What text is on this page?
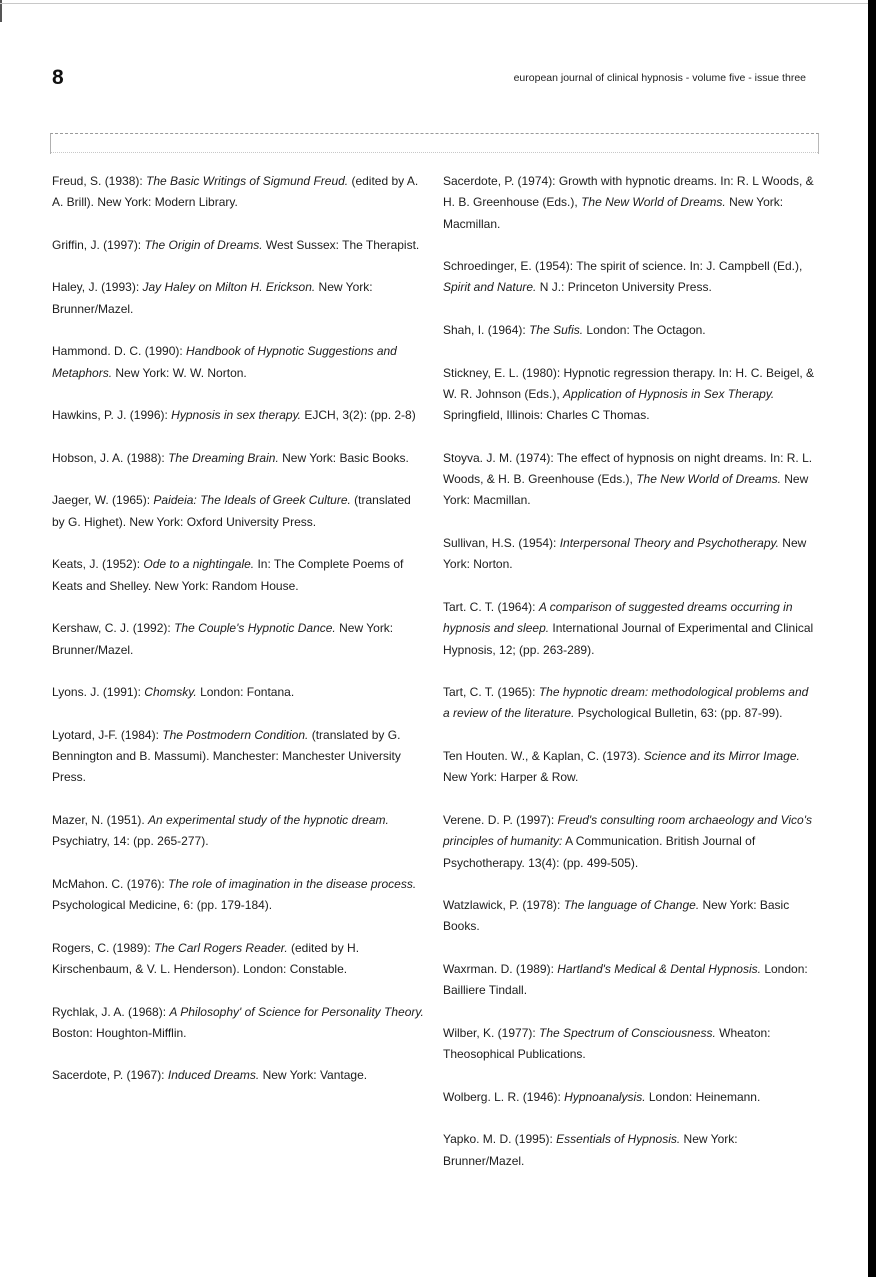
8	european journal of clinical hypnosis - volume five - issue three

Freud, S. (1938): The Basic Writings of Sigmund Freud. (edited by A. A. Brill). New York: Modern Library.

Griffin, J. (1997): The Origin of Dreams. West Sussex: The Therapist.

Haley, J. (1993): Jay Haley on Milton H. Erickson. New York: Brunner/Mazel.

Hammond. D. C. (1990): Handbook of Hypnotic Suggestions and Metaphors. New York: W. W. Norton.

Hawkins, P. J. (1996): Hypnosis in sex therapy. EJCH, 3(2): (pp. 2-8)

Hobson, J. A. (1988): The Dreaming Brain. New York: Basic Books.

Jaeger, W. (1965): Paideia: The Ideals of Greek Culture. (translated by G. Highet). New York: Oxford University Press.

Keats, J. (1952): Ode to a nightingale. In: The Complete Poems of Keats and Shelley. New York: Random House.

Kershaw, C. J. (1992): The Couple's Hypnotic Dance. New York: Brunner/Mazel.

Lyons. J. (1991): Chomsky. London: Fontana.

Lyotard, J-F. (1984): The Postmodern Condition. (translated by G. Bennington and B. Massumi). Manchester: Manchester University Press.

Mazer, N. (1951). An experimental study of the hypnotic dream. Psychiatry, 14: (pp. 265-277).

McMahon. C. (1976): The role of imagination in the disease process. Psychological Medicine, 6: (pp. 179-184).

Rogers, C. (1989): The Carl Rogers Reader. (edited by H. Kirschenbaum, & V. L. Henderson). London: Constable.

Rychlak, J. A. (1968): A Philosophy' of Science for Personality Theory. Boston: Houghton-Mifflin.

Sacerdote, P. (1967): Induced Dreams. New York: Vantage.

Sacerdote, P. (1974): Growth with hypnotic dreams. In: R. L Woods, & H. B. Greenhouse (Eds.), The New World of Dreams. New York: Macmillan.

Schroedinger, E. (1954): The spirit of science. In: J. Campbell (Ed.), Spirit and Nature. N J.: Princeton University Press.

Shah, I. (1964): The Sufis. London: The Octagon.

Stickney, E. L. (1980): Hypnotic regression therapy. In: H. C. Beigel, & W. R. Johnson (Eds.), Application of Hypnosis in Sex Therapy. Springfield, Illinois: Charles C Thomas.

Stoyva. J. M. (1974): The effect of hypnosis on night dreams. In: R. L. Woods, & H. B. Greenhouse (Eds.), The New World of Dreams. New York: Macmillan.

Sullivan, H.S. (1954): Interpersonal Theory and Psychotherapy. New York: Norton.

Tart. C. T. (1964): A comparison of suggested dreams occurring in hypnosis and sleep. International Journal of Experimental and Clinical Hypnosis, 12; (pp. 263-289).

Tart, C. T. (1965): The hypnotic dream: methodological problems and a review of the literature. Psychological Bulletin, 63: (pp. 87-99).

Ten Houten. W., & Kaplan, C. (1973). Science and its Mirror Image. New York: Harper & Row.

Verene. D. P. (1997): Freud's consulting room archaeology and Vico's principles of humanity: A Communication. British Journal of Psychotherapy. 13(4): (pp. 499-505).

Watzlawick, P. (1978): The language of Change. New York: Basic Books.

Waxrman. D. (1989): Hartland's Medical & Dental Hypnosis. London: Bailliere Tindall.

Wilber, K. (1977): The Spectrum of Consciousness. Wheaton: Theosophical Publications.

Wolberg. L. R. (1946): Hypnoanalysis. London: Heinemann.

Yapko. M. D. (1995): Essentials of Hypnosis. New York: Brunner/Mazel.
